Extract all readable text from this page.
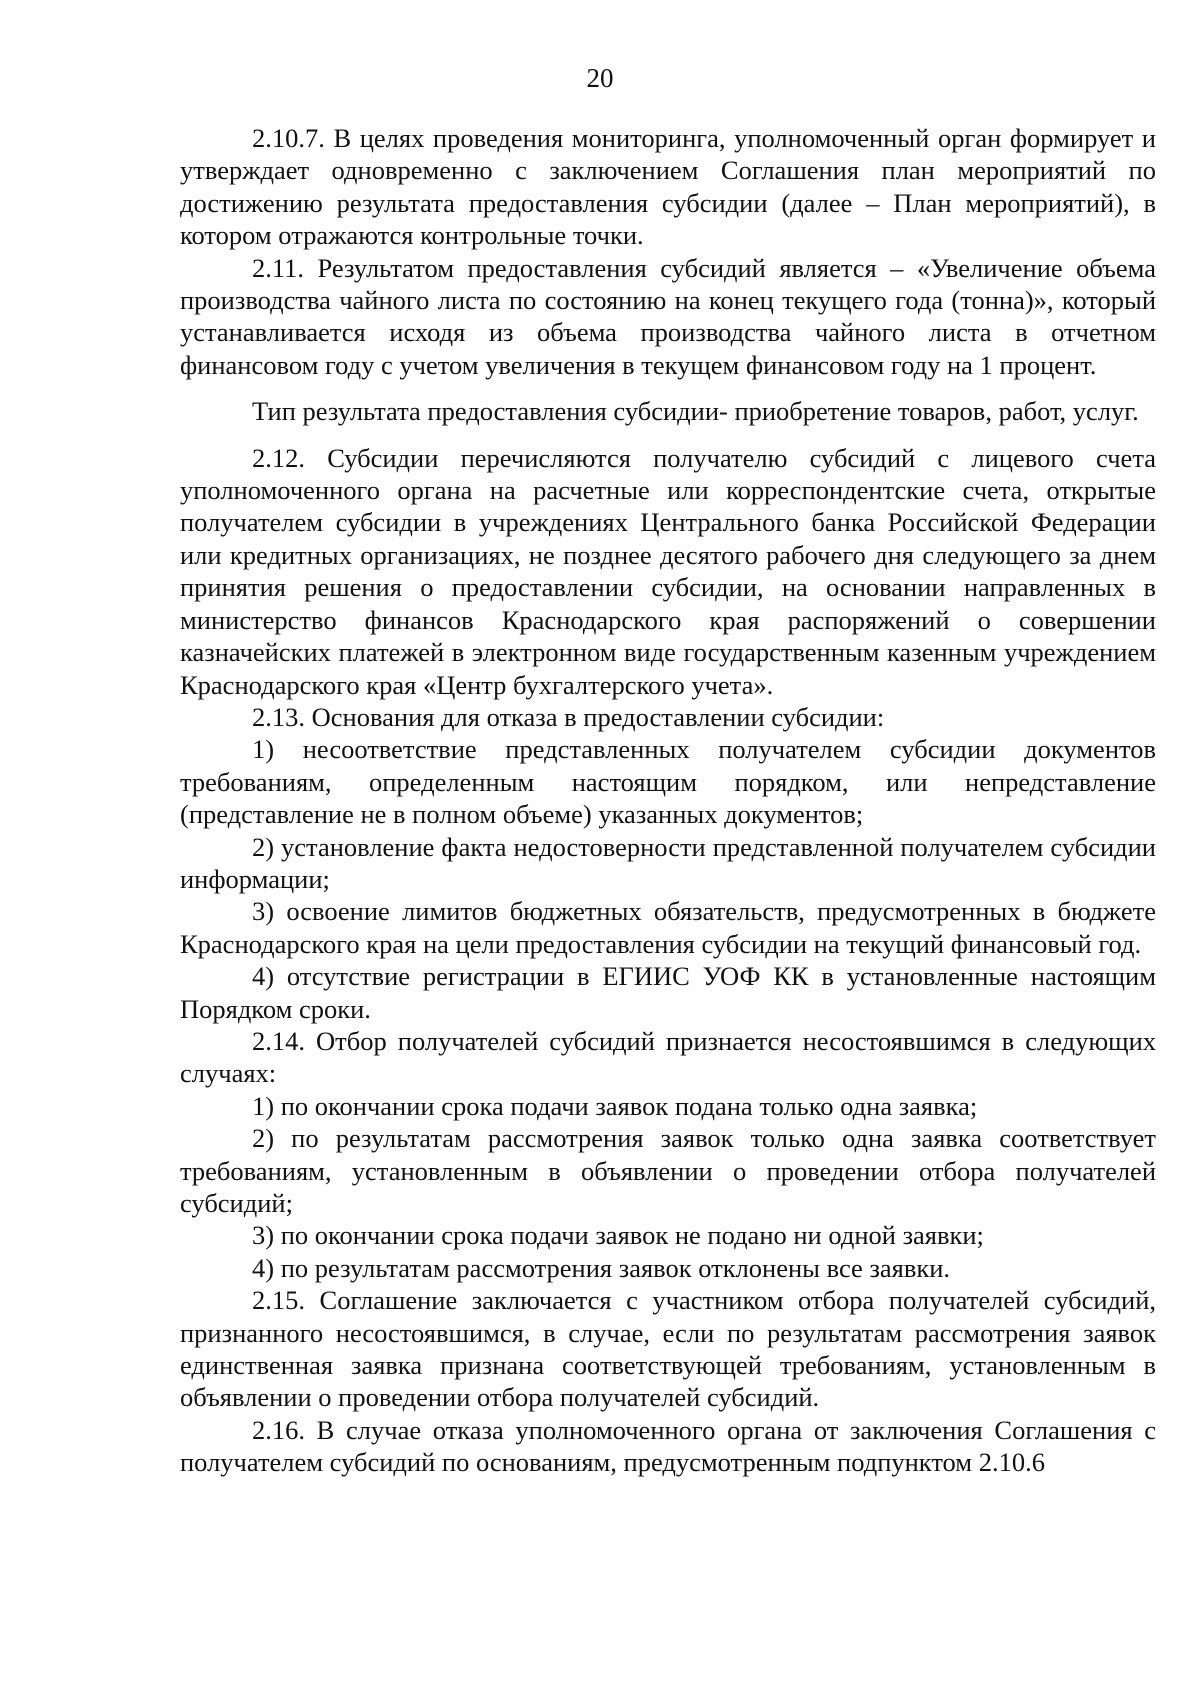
20

2.10.7. В целях проведения мониторинга, уполномоченный орган формирует и утверждает одновременно с заключением Соглашения план мероприятий по достижению результата предоставления субсидии (далее – План мероприятий), в котором отражаются контрольные точки.

2.11. Результатом предоставления субсидий является – «Увеличение объема производства чайного листа по состоянию на конец текущего года (тонна)», который устанавливается исходя из объема производства чайного листа в отчетном финансовом году с учетом увеличения в текущем финансовом году на 1 процент.

Тип результата предоставления субсидии- приобретение товаров, работ, услуг.

2.12. Субсидии перечисляются получателю субсидий с лицевого счета уполномоченного органа на расчетные или корреспондентские счета, открытые получателем субсидии в учреждениях Центрального банка Российской Федерации или кредитных организациях, не позднее десятого рабочего дня следующего за днем принятия решения о предоставлении субсидии, на основании направленных в министерство финансов Краснодарского края распоряжений о совершении казначейских платежей в электронном виде государственным казенным учреждением Краснодарского края «Центр бухгалтерского учета».

2.13. Основания для отказа в предоставлении субсидии:

1) несоответствие представленных получателем субсидии документов требованиям, определенным настоящим порядком, или непредставление (представление не в полном объеме) указанных документов;

2) установление факта недостоверности представленной получателем субсидии информации;

3) освоение лимитов бюджетных обязательств, предусмотренных в бюджете Краснодарского края на цели предоставления субсидии на текущий финансовый год.

4) отсутствие регистрации в ЕГИИС УОФ КК в установленные настоящим Порядком сроки.

2.14. Отбор получателей субсидий признается несостоявшимся в следующих случаях:

1) по окончании срока подачи заявок подана только одна заявка;

2) по результатам рассмотрения заявок только одна заявка соответствует требованиям, установленным в объявлении о проведении отбора получателей субсидий;

3) по окончании срока подачи заявок не подано ни одной заявки;

4) по результатам рассмотрения заявок отклонены все заявки.

2.15. Соглашение заключается с участником отбора получателей субсидий, признанного несостоявшимся, в случае, если по результатам рассмотрения заявок единственная заявка признана соответствующей требованиям, установленным в объявлении о проведении отбора получателей субсидий.

2.16. В случае отказа уполномоченного органа от заключения Соглашения с получателем субсидий по основаниям, предусмотренным подпунктом 2.10.6
